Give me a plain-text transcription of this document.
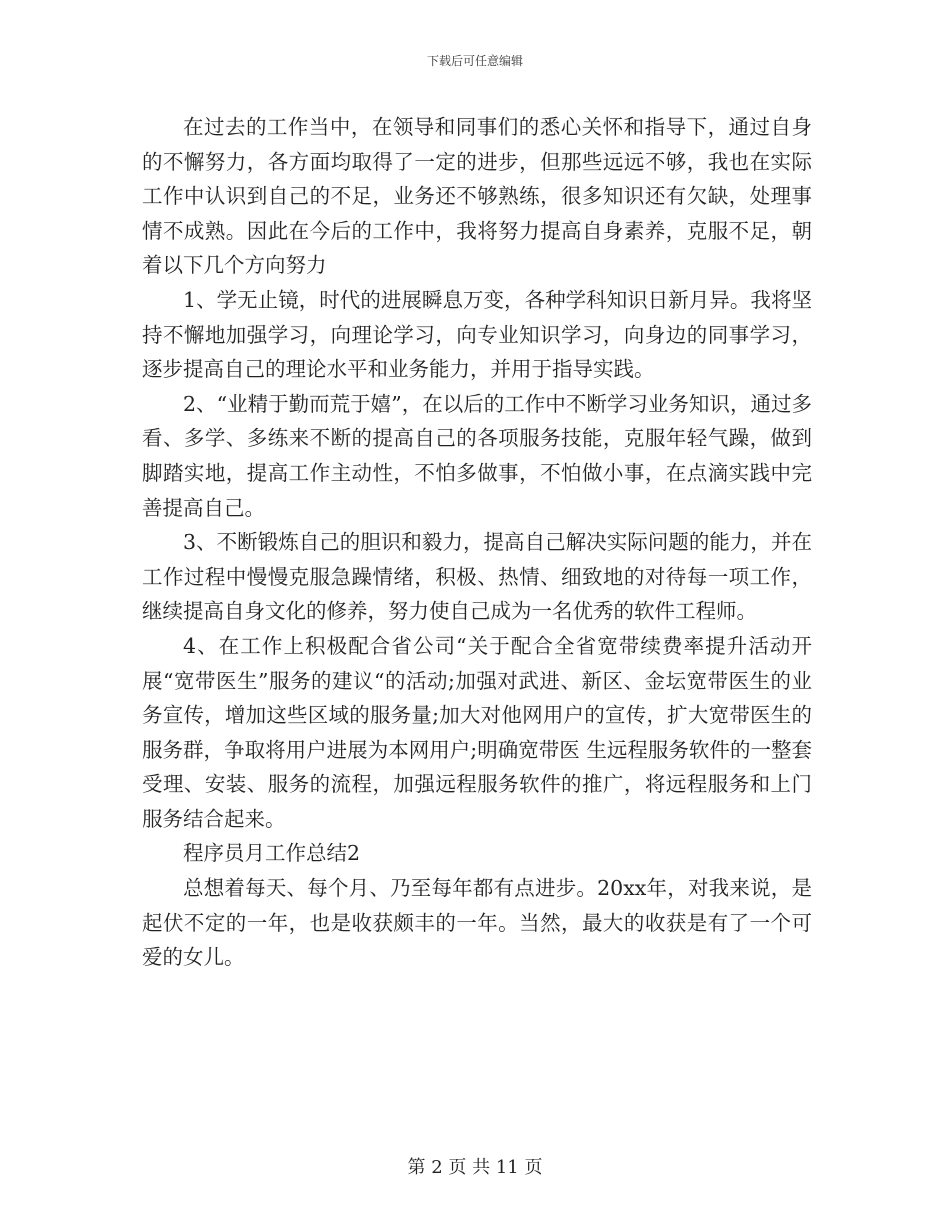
下载后可任意编辑

在过去的工作当中，在领导和同事们的悉心关怀和指导下，通过自身的不懈努力，各方面均取得了一定的进步，但那些远远不够，我也在实际工作中认识到自己的不足，业务还不够熟练，很多知识还有欠缺，处理事情不成熟。因此在今后的工作中，我将努力提高自身素养，克服不足，朝着以下几个方向努力

1、学无止镜，时代的进展瞬息万变，各种学科知识日新月异。我将坚持不懈地加强学习，向理论学习，向专业知识学习，向身边的同事学习，逐步提高自己的理论水平和业务能力，并用于指导实践。

2、“业精于勤而荒于嬉”，在以后的工作中不断学习业务知识，通过多看、多学、多练来不断的提高自己的各项服务技能，克服年轻气躁，做到脚踏实地，提高工作主动性，不怕多做事，不怕做小事，在点滴实践中完善提高自己。

3、不断锻炼自己的胆识和毅力，提高自己解决实际问题的能力，并在工作过程中慢慢克服急躁情绪，积极、热情、细致地的对待每一项工作，继续提高自身文化的修养，努力使自己成为一名优秀的软件工程师。

4、在工作上积极配合省公司“关于配合全省宽带续费率提升活动开展“宽带医生”服务的建议“的活动;加强对武进、新区、金坛宽带医生的业务宣传，增加这些区域的服务量;加大对他网用户的宣传，扩大宽带医生的服务群，争取将用户进展为本网用户;明确宽带医 生远程服务软件的一整套受理、安装、服务的流程，加强远程服务软件的推广，将远程服务和上门服务结合起来。

程序员月工作总结2

总想着每天、每个月、乃至每年都有点进步。20xx年，对我来说，是起伏不定的一年，也是收获颇丰的一年。当然，最大的收获是有了一个可爱的女儿。

第 2 页 共 11 页
